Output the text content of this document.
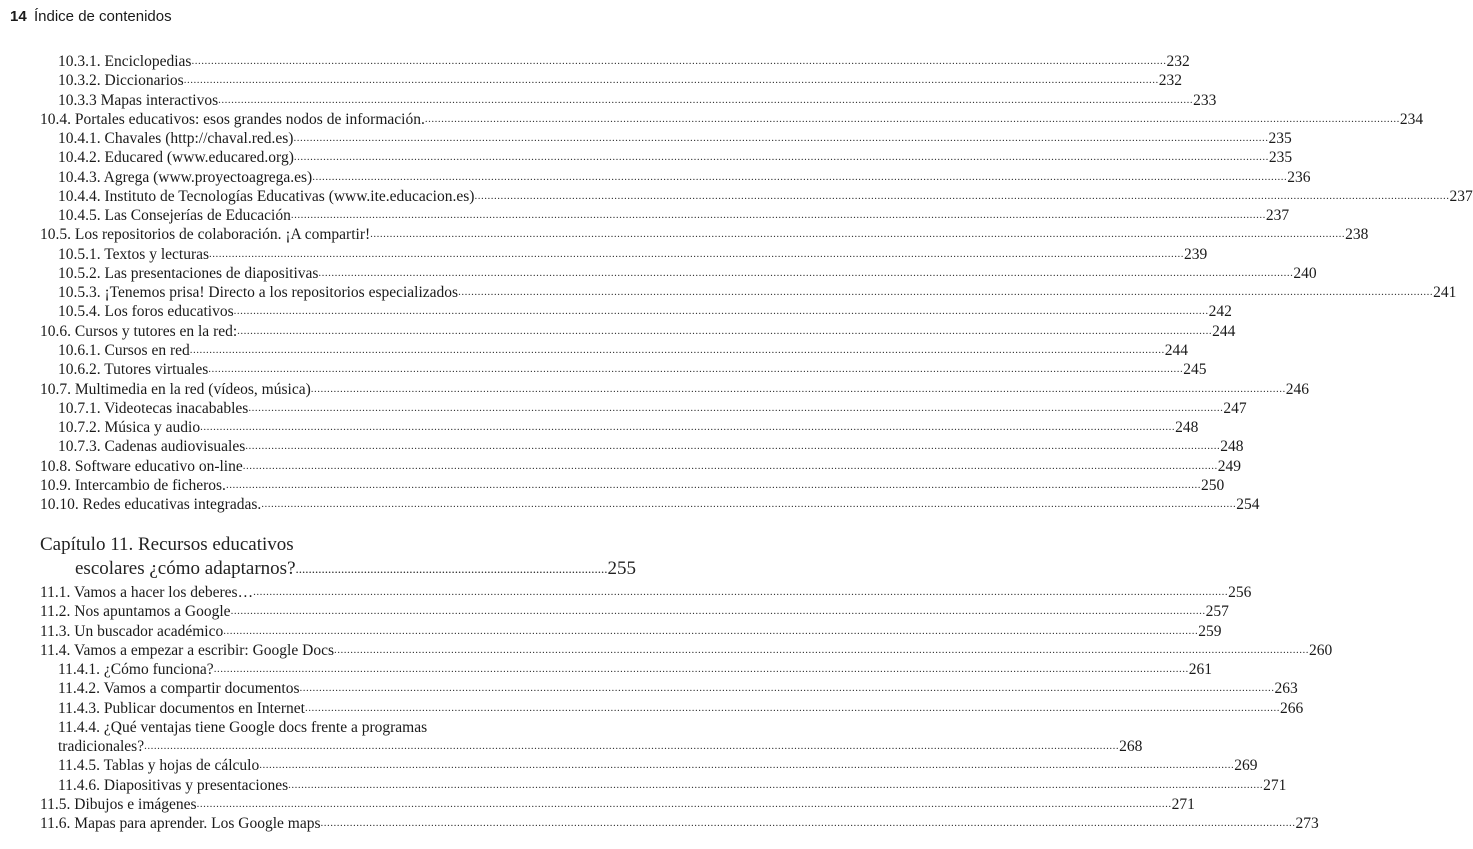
14 Índice de contenidos
10.3.1. Enciclopedias ............................................................................................................................................................................................................................................................................................................ 232
10.3.2. Diccionarios ............................................................................................................................................................................................................................................................................................................ 232
10.3.3 Mapas interactivos ............................................................................................................................................................................................................................................................................................................ 233
10.4. Portales educativos: esos grandes nodos de información. ............................................................................................................................................................................................................................................................................................................ 234
10.4.1. Chavales (http://chaval.red.es) ............................................................................................................................................................................................................................................................................................................ 235
10.4.2. Educared (www.educared.org) ............................................................................................................................................................................................................................................................................................................ 235
10.4.3. Agrega (www.proyectoagrega.es) ............................................................................................................................................................................................................................................................................................................ 236
10.4.4. Instituto de Tecnologías Educativas (www.ite.educacion.es) ............................................................................................................................................................................................................................................................................................................ 237
10.4.5. Las Consejerías de Educación ............................................................................................................................................................................................................................................................................................................ 237
10.5. Los repositorios de colaboración. ¡A compartir! ............................................................................................................................................................................................................................................................................................................ 238
10.5.1. Textos y lecturas ............................................................................................................................................................................................................................................................................................................ 239
10.5.2. Las presentaciones de diapositivas ............................................................................................................................................................................................................................................................................................................ 240
10.5.3. ¡Tenemos prisa! Directo a los repositorios especializados ............................................................................................................................................................................................................................................................................................................ 241
10.5.4. Los foros educativos ............................................................................................................................................................................................................................................................................................................ 242
10.6. Cursos y tutores en la red: ............................................................................................................................................................................................................................................................................................................ 244
10.6.1. Cursos en red ............................................................................................................................................................................................................................................................................................................ 244
10.6.2. Tutores virtuales ............................................................................................................................................................................................................................................................................................................ 245
10.7. Multimedia en la red (vídeos, música) ............................................................................................................................................................................................................................................................................................................ 246
10.7.1. Videotecas inacabables ............................................................................................................................................................................................................................................................................................................ 247
10.7.2. Música y audio ............................................................................................................................................................................................................................................................................................................ 248
10.7.3. Cadenas audiovisuales ............................................................................................................................................................................................................................................................................................................ 248
10.8. Software educativo on-line ............................................................................................................................................................................................................................................................................................................ 249
10.9. Intercambio de ficheros. ............................................................................................................................................................................................................................................................................................................ 250
10.10. Redes educativas integradas. ............................................................................................................................................................................................................................................................................................................ 254
Capítulo 11. Recursos educativos
escolares ¿cómo adaptarnos? ................................................................................................ 255
11.1. Vamos a hacer los deberes… ............................................................................................................................................................................................................................................................................................................ 256
11.2. Nos apuntamos a Google ............................................................................................................................................................................................................................................................................................................ 257
11.3. Un buscador académico ............................................................................................................................................................................................................................................................................................................ 259
11.4. Vamos a empezar a escribir: Google Docs ............................................................................................................................................................................................................................................................................................................ 260
11.4.1. ¿Cómo funciona? ............................................................................................................................................................................................................................................................................................................ 261
11.4.2. Vamos a compartir documentos ............................................................................................................................................................................................................................................................................................................ 263
11.4.3. Publicar documentos en Internet ............................................................................................................................................................................................................................................................................................................ 266
11.4.4. ¿Qué ventajas tiene Google docs frente a programas
tradicionales? ............................................................................................................................................................................................................................................................................................................ 268
11.4.5. Tablas y hojas de cálculo ............................................................................................................................................................................................................................................................................................................ 269
11.4.6. Diapositivas y presentaciones ............................................................................................................................................................................................................................................................................................................ 271
11.5. Dibujos e imágenes ............................................................................................................................................................................................................................................................................................................ 271
11.6. Mapas para aprender. Los Google maps ............................................................................................................................................................................................................................................................................................................ 273
